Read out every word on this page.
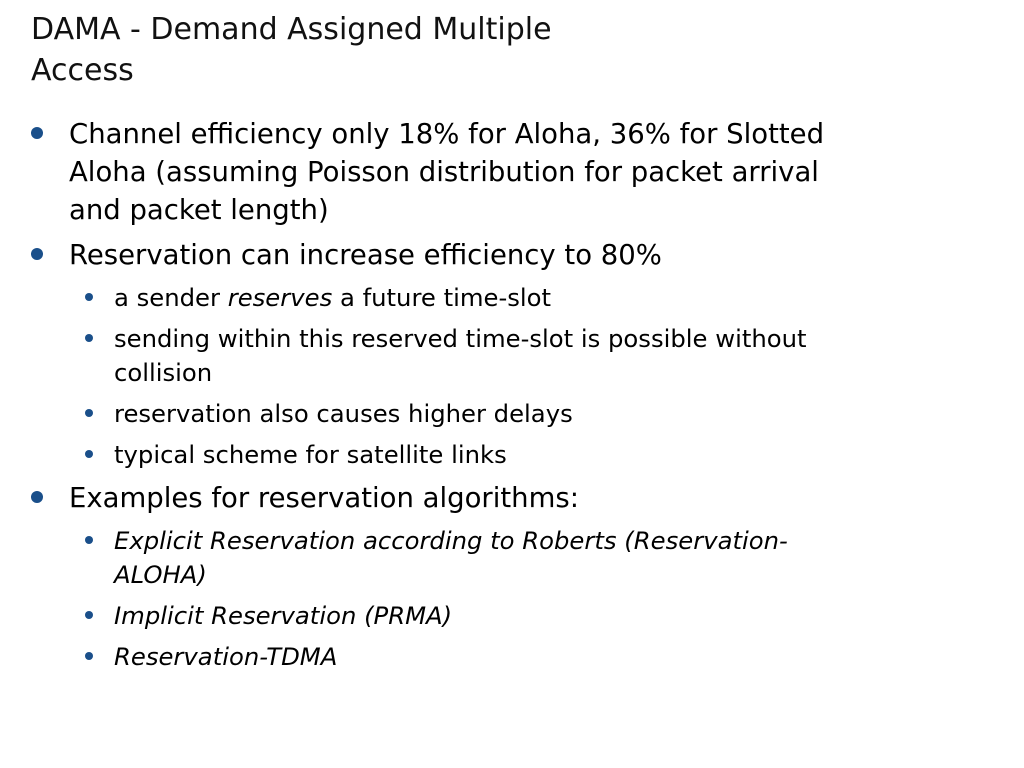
DAMA - Demand Assigned Multiple
Access
Channel efficiency only 18% for Aloha, 36% for Slotted
Aloha (assuming Poisson distribution for packet arrival
and packet length)
Reservation can increase efficiency to 80%
a sender reserves a future time-slot
sending within this reserved time-slot is possible without
collision
reservation also causes higher delays
typical scheme for satellite links
Examples for reservation algorithms:
Explicit Reservation according to Roberts (Reservation-
ALOHA)
Implicit Reservation (PRMA)
Reservation-TDMA
